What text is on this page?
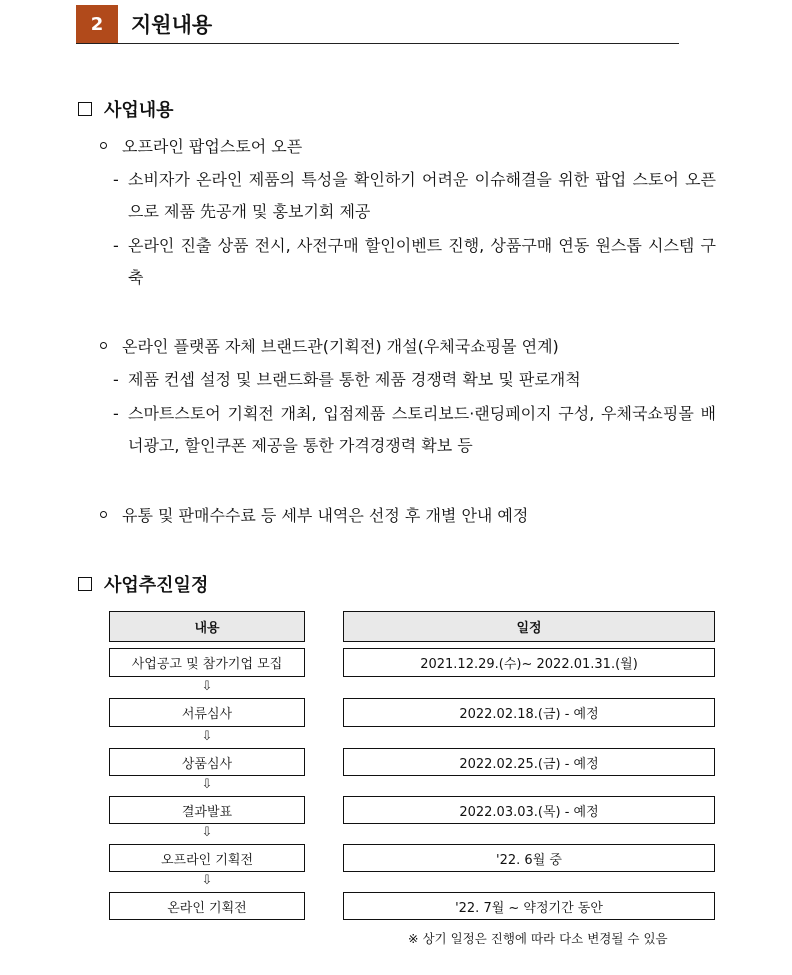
2	지원내용
사업내용
오프라인 팝업스토어 오픈
- 소비자가 온라인 제품의 특성을 확인하기 어려운 이슈해결을 위한 팝업 스토어 오픈으로 제품 先공개 및 홍보기회 제공
- 온라인 진출 상품 전시, 사전구매 할인이벤트 진행, 상품구매 연동 원스톱 시스템 구축
온라인 플랫폼 자체 브랜드관(기획전) 개설(우체국쇼핑몰 연계)
- 제품 컨셉 설정 및 브랜드화를 통한 제품 경쟁력 확보 및 판로개척
- 스마트스토어 기획전 개최, 입점제품 스토리보드·랜딩페이지 구성, 우체국쇼핑몰 배너광고, 할인쿠폰 제공을 통한 가격경쟁력 확보 등
유통 및 판매수수료 등 세부 내역은 선정 후 개별 안내 예정
사업추진일정
내용	일정
사업공고 및 참가기업 모집	2021.12.29.(수)~ 2022.01.31.(월)
⇩
서류심사	2022.02.18.(금) - 예정
⇩
상품심사	2022.02.25.(금) - 예정
⇩
결과발표	2022.03.03.(목) - 예정
⇩
오프라인 기획전	'22. 6월 중
⇩
온라인 기획전	'22. 7월 ~ 약정기간 동안
※ 상기 일정은 진행에 따라 다소 변경될 수 있음
